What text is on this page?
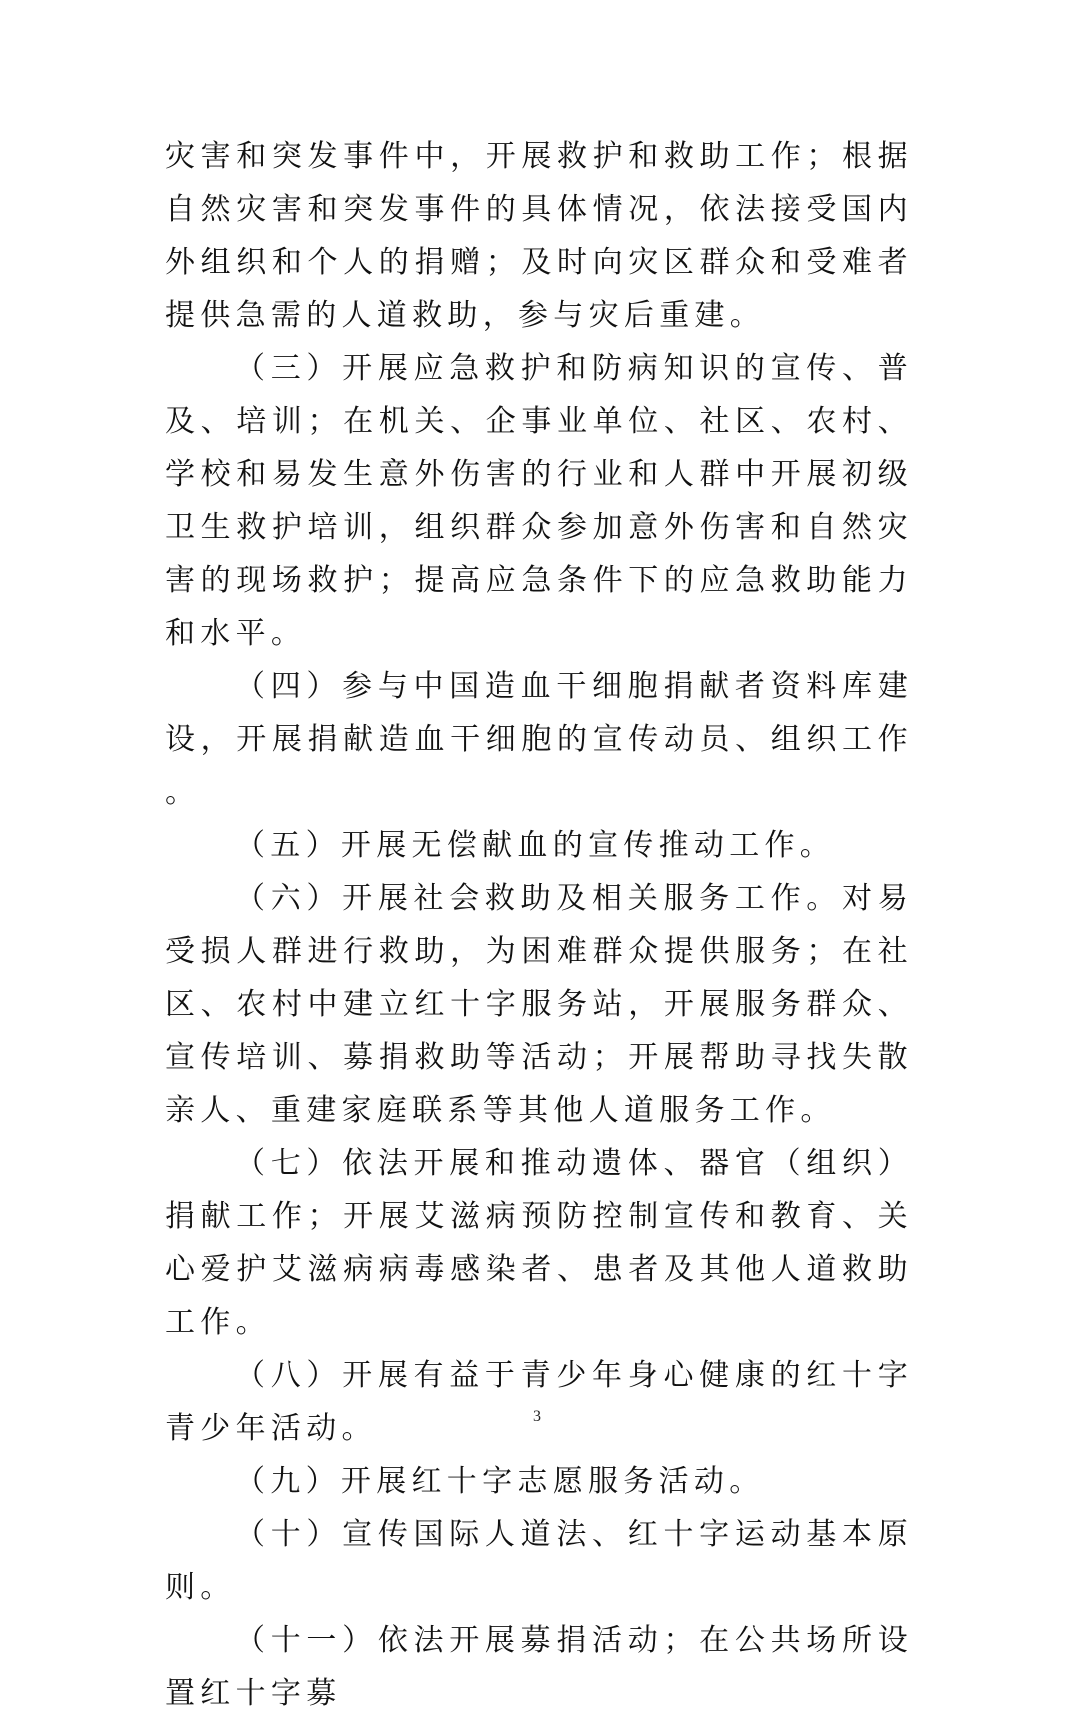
灾害和突发事件中，开展救护和救助工作；根据自然灾害和突发事件的具体情况，依法接受国内外组织和个人的捐赠；及时向灾区群众和受难者提供急需的人道救助，参与灾后重建。

（三）开展应急救护和防病知识的宣传、普及、培训；在机关、企事业单位、社区、农村、学校和易发生意外伤害的行业和人群中开展初级卫生救护培训，组织群众参加意外伤害和自然灾害的现场救护；提高应急条件下的应急救助能力和水平。

（四）参与中国造血干细胞捐献者资料库建设，开展捐献造血干细胞的宣传动员、组织工作。

（五）开展无偿献血的宣传推动工作。

（六）开展社会救助及相关服务工作。对易受损人群进行救助，为困难群众提供服务；在社区、农村中建立红十字服务站，开展服务群众、宣传培训、募捐救助等活动；开展帮助寻找失散亲人、重建家庭联系等其他人道服务工作。

（七）依法开展和推动遗体、器官（组织）捐献工作；开展艾滋病预防控制宣传和教育、关心爱护艾滋病病毒感染者、患者及其他人道救助工作。

（八）开展有益于青少年身心健康的红十字青少年活动。

（九）开展红十字志愿服务活动。

（十）宣传国际人道法、红十字运动基本原则。

（十一）依法开展募捐活动；在公共场所设置红十字募

3
